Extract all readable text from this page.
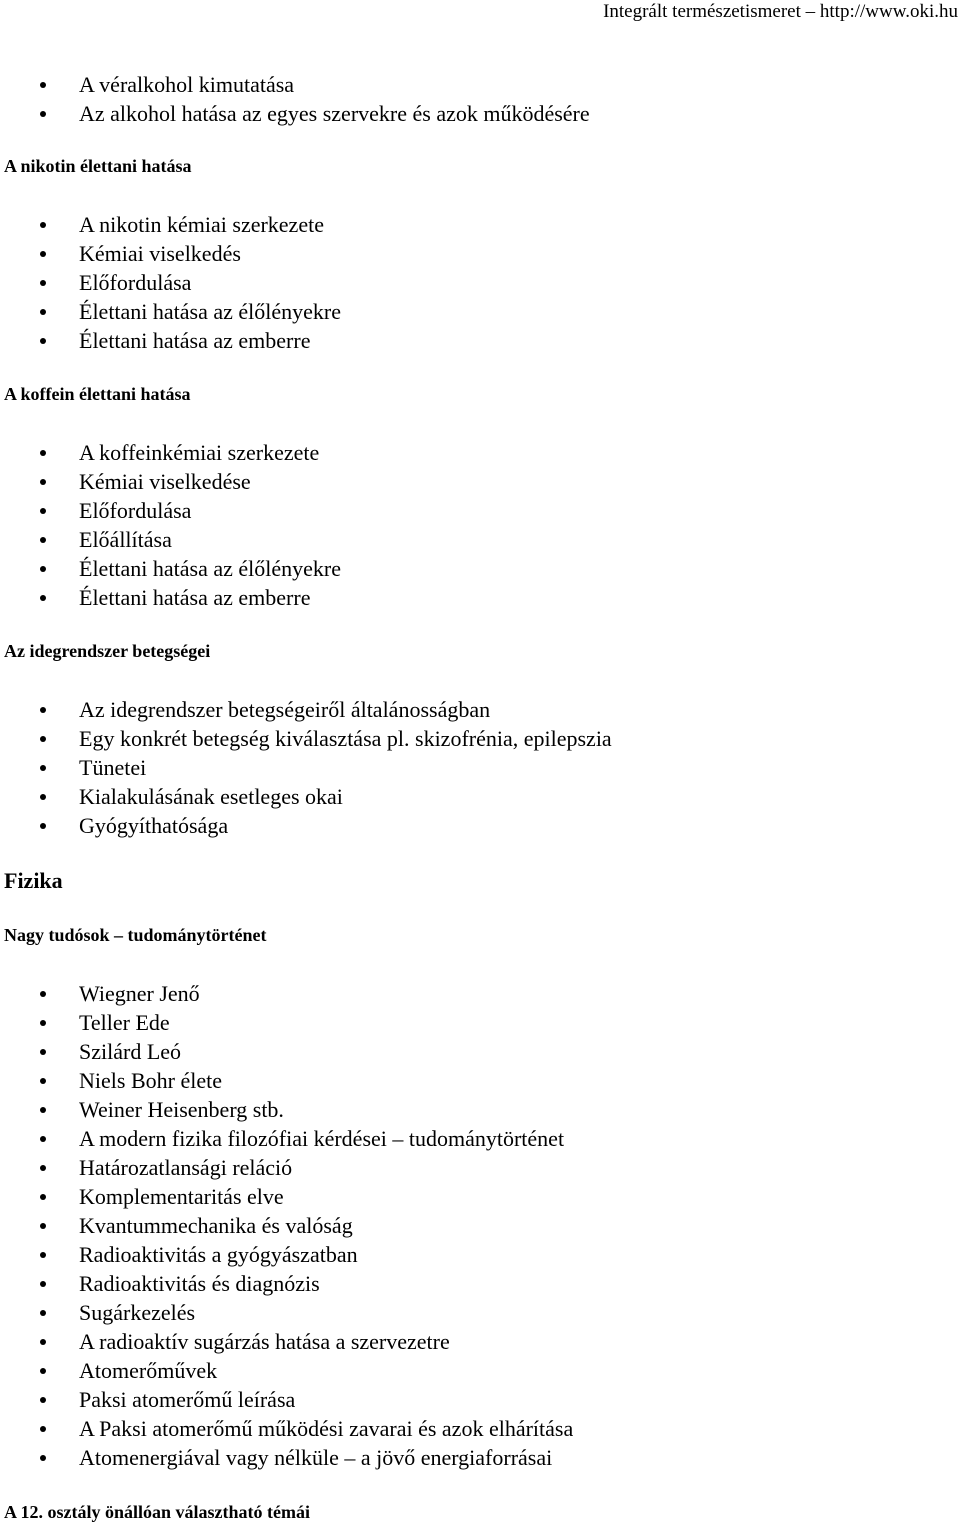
Integrált természetismeret – http://www.oki.hu
A véralkohol kimutatása
Az alkohol hatása az egyes szervekre és azok működésére
A nikotin élettani hatása
A nikotin kémiai szerkezete
Kémiai viselkedés
Előfordulása
Élettani hatása az élőlényekre
Élettani hatása az emberre
A koffein élettani hatása
A koffeinkémiai szerkezete
Kémiai viselkedése
Előfordulása
Előállítása
Élettani hatása az élőlényekre
Élettani hatása az emberre
Az idegrendszer betegségei
Az idegrendszer betegségeiről általánosságban
Egy konkrét betegség kiválasztása pl. skizofrénia, epilepszia
Tünetei
Kialakulásának esetleges okai
Gyógyíthatósága
Fizika
Nagy tudósok – tudománytörténet
Wiegner Jenő
Teller Ede
Szilárd Leó
Niels Bohr élete
Weiner Heisenberg stb.
A modern fizika filozófiai kérdései – tudománytörténet
Határozatlansági reláció
Komplementaritás elve
Kvantummechanika és valóság
Radioaktivitás a gyógyászatban
Radioaktivitás és diagnózis
Sugárkezelés
A radioaktív sugárzás hatása a szervezetre
Atomerőművek
Paksi atomerőmű leírása
A Paksi atomerőmű működési zavarai és azok elhárítása
Atomenergiával vagy nélküle – a jövő energiaforrásai
A 12. osztály önállóan választható témái
